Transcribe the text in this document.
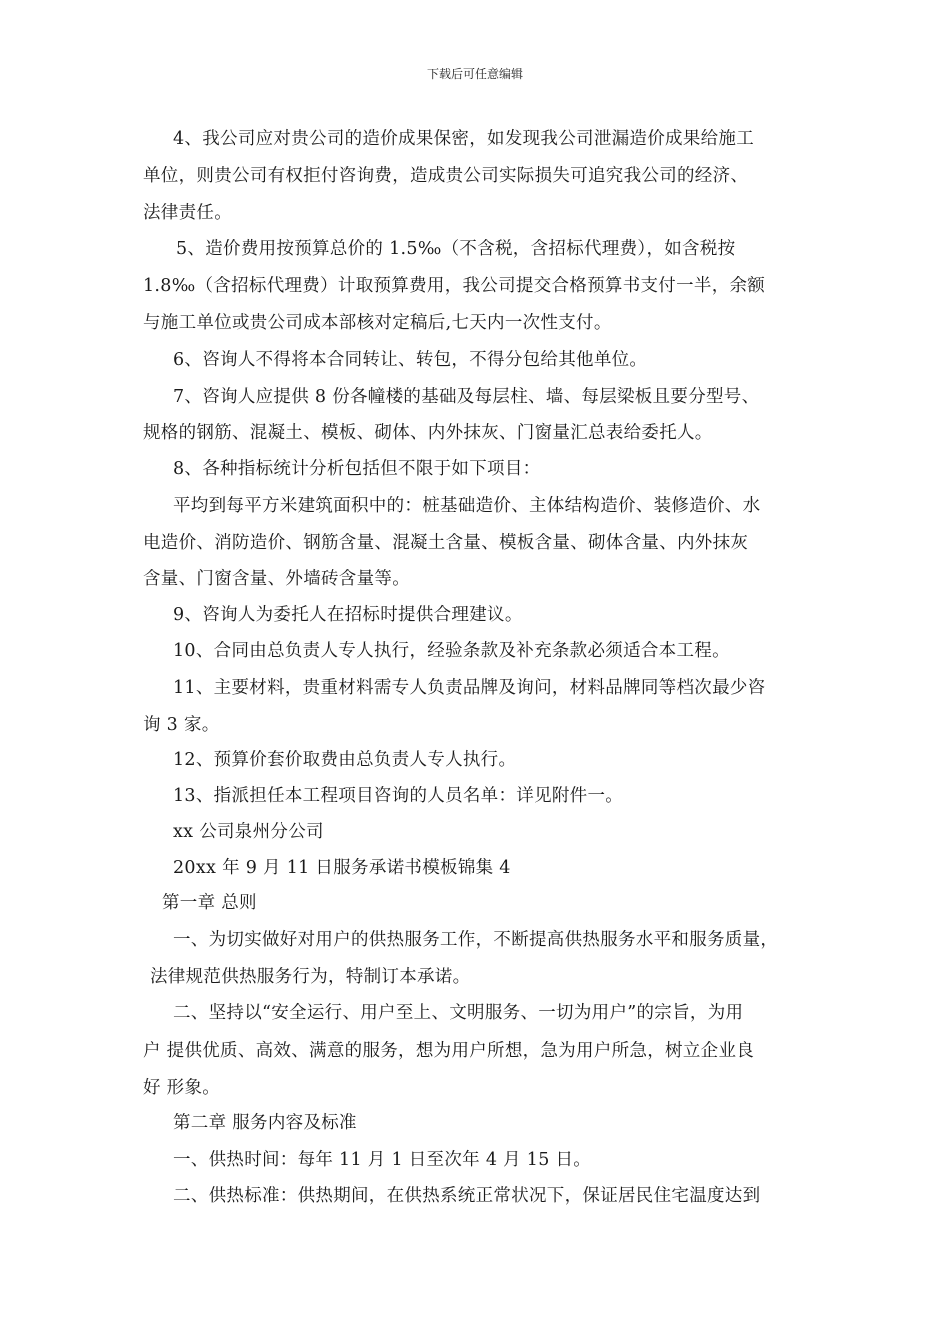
下载后可任意编辑
4、我公司应对贵公司的造价成果保密，如发现我公司泄漏造价成果给施工
单位，则贵公司有权拒付咨询费，造成贵公司实际损失可追究我公司的经济、
法律责任。
5、造价费用按预算总价的 1.5‰（不含税，含招标代理费），如含税按
1.8‰（含招标代理费）计取预算费用，我公司提交合格预算书支付一半，余额
与施工单位或贵公司成本部核对定稿后,七天内一次性支付。
6、咨询人不得将本合同转让、转包，不得分包给其他单位。
7、咨询人应提供 8 份各幢楼的基础及每层柱、墙、每层梁板且要分型号、
规格的钢筋、混凝土、模板、砌体、内外抹灰、门窗量汇总表给委托人。
8、各种指标统计分析包括但不限于如下项目：
平均到每平方米建筑面积中的：桩基础造价、主体结构造价、装修造价、水
电造价、消防造价、钢筋含量、混凝土含量、模板含量、砌体含量、内外抹灰
含量、门窗含量、外墙砖含量等。
9、咨询人为委托人在招标时提供合理建议。
10、合同由总负责人专人执行，经验条款及补充条款必须适合本工程。
11、主要材料，贵重材料需专人负责品牌及询问，材料品牌同等档次最少咨
询 3 家。
12、预算价套价取费由总负责人专人执行。
13、指派担任本工程项目咨询的人员名单：详见附件一。
xx 公司泉州分公司
20xx 年 9 月 11 日服务承诺书模板锦集 4
第一章 总则
一、为切实做好对用户的供热服务工作，不断提高供热服务水平和服务质量，
法律规范供热服务行为，特制订本承诺。
二、坚持以“安全运行、用户至上、文明服务、一切为用户”的宗旨，为用
户 提供优质、高效、满意的服务，想为用户所想，急为用户所急，树立企业良
好 形象。
第二章 服务内容及标准
一、供热时间：每年 11 月 1 日至次年 4 月 15 日。
二、供热标准：供热期间，在供热系统正常状况下，保证居民住宅温度达到
